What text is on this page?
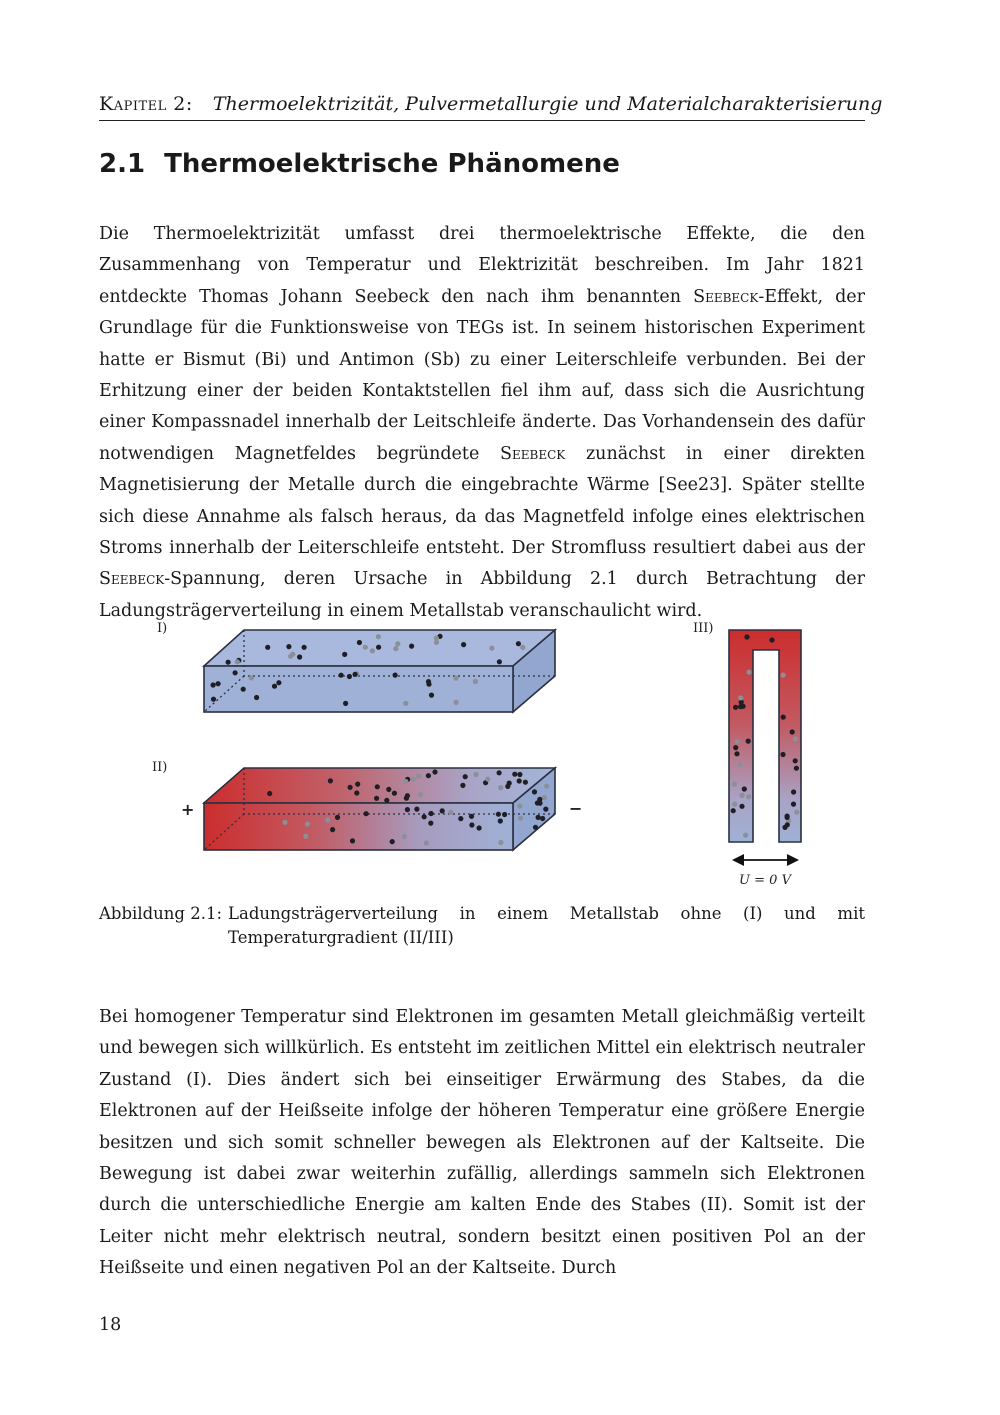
Kapitel 2: Thermoelektrizität, Pulvermetallurgie und Materialcharakterisierung
2.1 Thermoelektrische Phänomene

Die Thermoelektrizität umfasst drei thermoelektrische Effekte, die den Zusammenhang von Temperatur und Elektrizität beschreiben. Im Jahr 1821 entdeckte Thomas Johann Seebeck den nach ihm benannten Seebeck-Effekt, der Grundlage für die Funktionsweise von TEGs ist. In seinem historischen Experiment hatte er Bismut (Bi) und Antimon (Sb) zu einer Leiterschleife verbunden. Bei der Erhitzung einer der beiden Kontaktstellen fiel ihm auf, dass sich die Ausrichtung einer Kompassnadel innerhalb der Leitschleife änderte. Das Vorhandensein des dafür notwendigen Magnetfeldes begründete Seebeck zunächst in einer direkten Magnetisierung der Metalle durch die eingebrachte Wärme [See23]. Später stellte sich diese Annahme als falsch heraus, da das Magnetfeld infolge eines elektrischen Stroms innerhalb der Leiterschleife entsteht. Der Stromfluss resultiert dabei aus der Seebeck-Spannung, deren Ursache in Abbildung 2.1 durch Betrachtung der Ladungsträgerverteilung in einem Metallstab veranschaulicht wird.

I)
II)
III)
+	−
U = 0 V
Abbildung 2.1: Ladungsträgerverteilung in einem Metallstab ohne (I) und mit Temperaturgradient (II/III)

Bei homogener Temperatur sind Elektronen im gesamten Metall gleichmäßig verteilt und bewegen sich willkürlich. Es entsteht im zeitlichen Mittel ein elektrisch neutraler Zustand (I). Dies ändert sich bei einseitiger Erwärmung des Stabes, da die Elektronen auf der Heißseite infolge der höheren Temperatur eine größere Energie besitzen und sich somit schneller bewegen als Elektronen auf der Kaltseite. Die Bewegung ist dabei zwar weiterhin zufällig, allerdings sammeln sich Elektronen durch die unterschiedliche Energie am kalten Ende des Stabes (II). Somit ist der Leiter nicht mehr elektrisch neutral, sondern besitzt einen positiven Pol an der Heißseite und einen negativen Pol an der Kaltseite. Durch

18
